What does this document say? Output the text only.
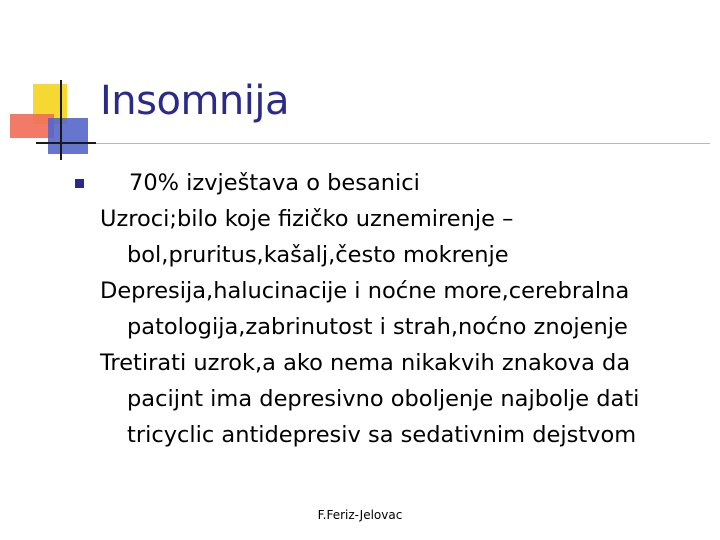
Insomnija

70% izvještava o besanici

Uzroci;bilo koje fizičko uznemirenje –
bol,pruritus,kašalj,često mokrenje

Depresija,halucinacije i noćne more,cerebralna
patologija,zabrinutost i strah,noćno znojenje

Tretirati uzrok,a ako nema nikakvih znakova da
pacijnt ima depresivno oboljenje najbolje dati
tricyclic antidepresiv sa sedativnim dejstvom

F.Feriz-Jelovac
